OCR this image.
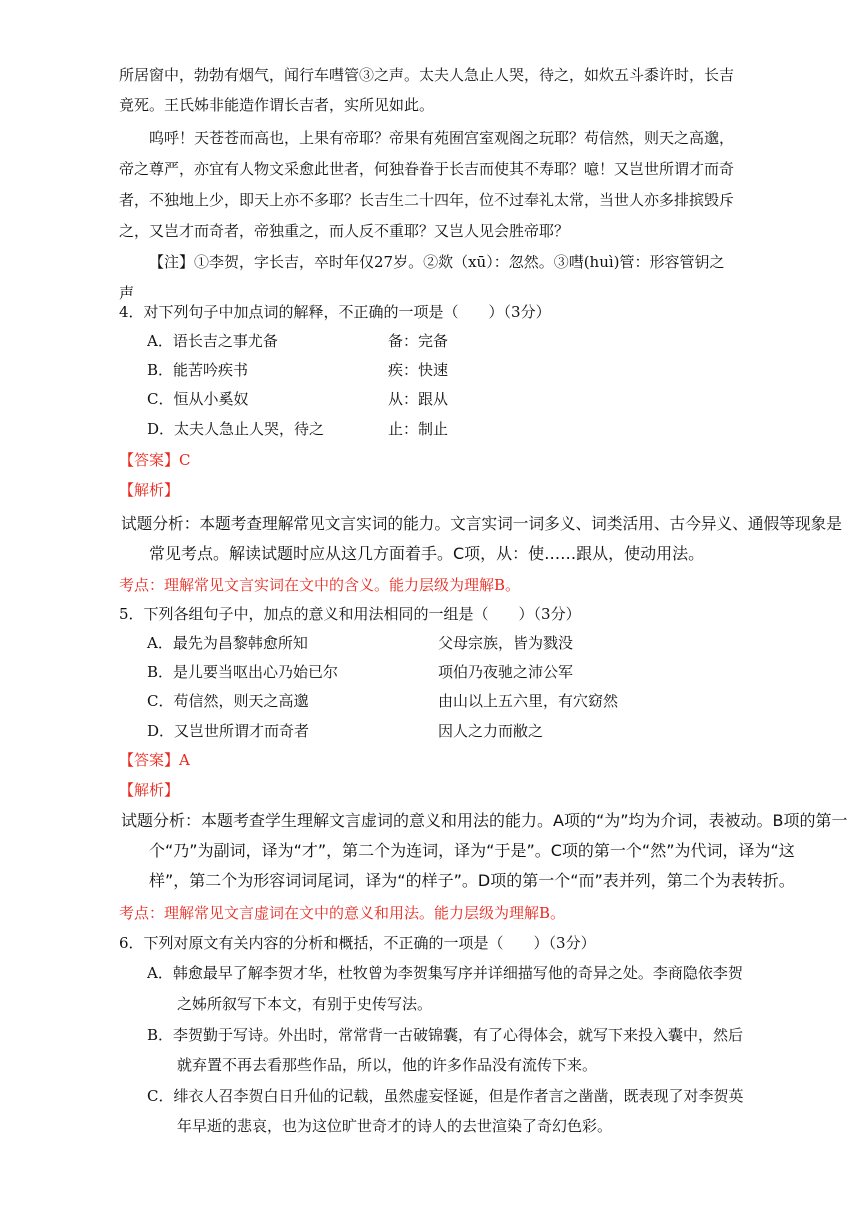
所居窗中，勃勃有烟气，闻行车嘒管③之声。太夫人急止人哭，待之，如炊五斗黍许时，长吉
竟死。王氏姊非能造作谓长吉者，实所见如此。
呜呼！天苍苍而高也，上果有帝耶？帝果有苑囿宫室观阁之玩耶？苟信然，则天之高邈，
帝之尊严，亦宜有人物文采愈此世者，何独眷眷于长吉而使其不寿耶？噫！又岂世所谓才而奇
者，不独地上少，即天上亦不多耶？长吉生二十四年，位不过奉礼太常，当世人亦多排摈毁斥
之，又岂才而奇者，帝独重之，而人反不重耶？又岂人见会胜帝耶？
【注】①李贺，字长吉，卒时年仅27岁。②欻（xū）：忽然。③嘒(huì)管：形容管钥之
声
4．对下列句子中加点词的解释，不正确的一项是（　　）（3分）
A．语长吉之事尤备	备：完备
B．能苦吟疾书	疾：快速
C．恒从小奚奴	从：跟从
D．太夫人急止人哭，待之	止：制止
【答案】C
【解析】
试题分析：本题考查理解常见文言实词的能力。文言实词一词多义、词类活用、古今异义、通假等现象是
常见考点。解读试题时应从这几方面着手。C项，从：使……跟从，使动用法。
考点：理解常见文言实词在文中的含义。能力层级为理解B。
5．下列各组句子中，加点的意义和用法相同的一组是（　　）（3分）
A．最先为昌黎韩愈所知	父母宗族，皆为戮没
B．是儿要当呕出心乃始已尔	项伯乃夜驰之沛公军
C．苟信然，则天之高邈	由山以上五六里，有穴窈然
D．又岂世所谓才而奇者	因人之力而敝之
【答案】A
【解析】
试题分析：本题考查学生理解文言虚词的意义和用法的能力。A项的“为”均为介词，表被动。B项的第一
个“乃”为副词，译为“才”，第二个为连词，译为“于是”。C项的第一个“然”为代词，译为“这
样”，第二个为形容词词尾词，译为“的样子”。D项的第一个“而”表并列，第二个为表转折。
考点：理解常见文言虚词在文中的意义和用法。能力层级为理解B。
6．下列对原文有关内容的分析和概括，不正确的一项是（　　）（3分）
A．韩愈最早了解李贺才华，杜牧曾为李贺集写序并详细描写他的奇异之处。李商隐依李贺
之姊所叙写下本文，有别于史传写法。
B．李贺勤于写诗。外出时，常常背一古破锦囊，有了心得体会，就写下来投入囊中，然后
就弃置不再去看那些作品，所以，他的许多作品没有流传下来。
C．绯衣人召李贺白日升仙的记载，虽然虚妄怪诞，但是作者言之凿凿，既表现了对李贺英
年早逝的悲哀，也为这位旷世奇才的诗人的去世渲染了奇幻色彩。
